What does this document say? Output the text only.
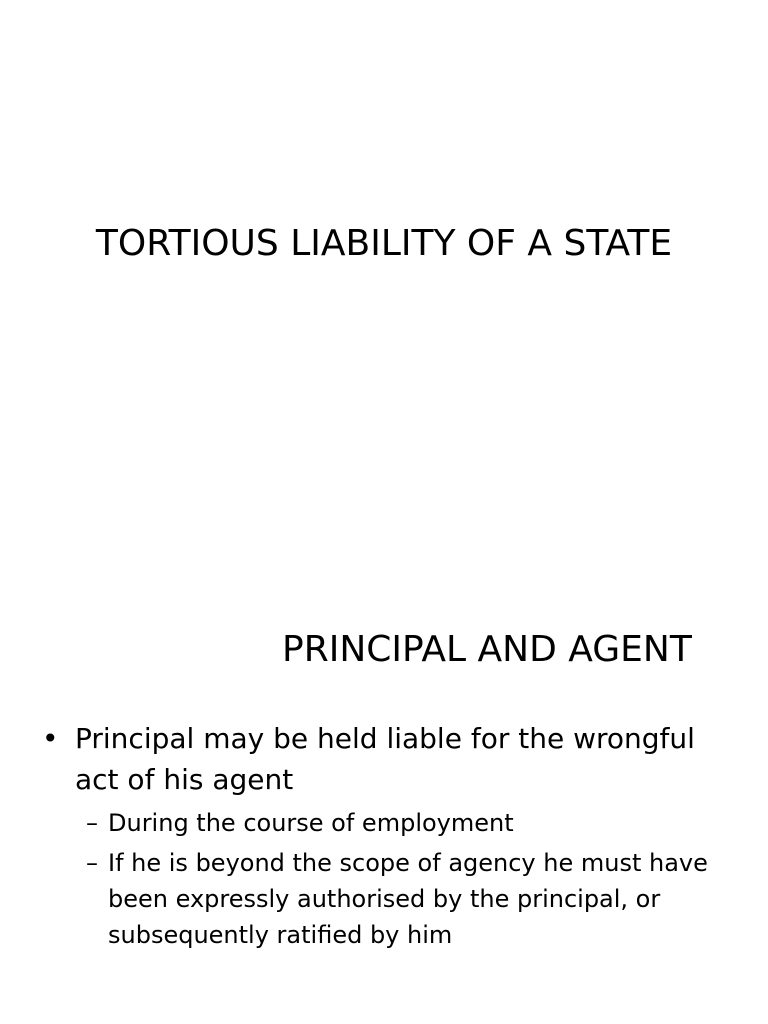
TORTIOUS LIABILITY OF A STATE
PRINCIPAL AND AGENT
• Principal may be held liable for the wrongful act of his agent
– During the course of employment
– If he is beyond the scope of agency he must have been expressly authorised by the principal, or subsequently ratified by him
